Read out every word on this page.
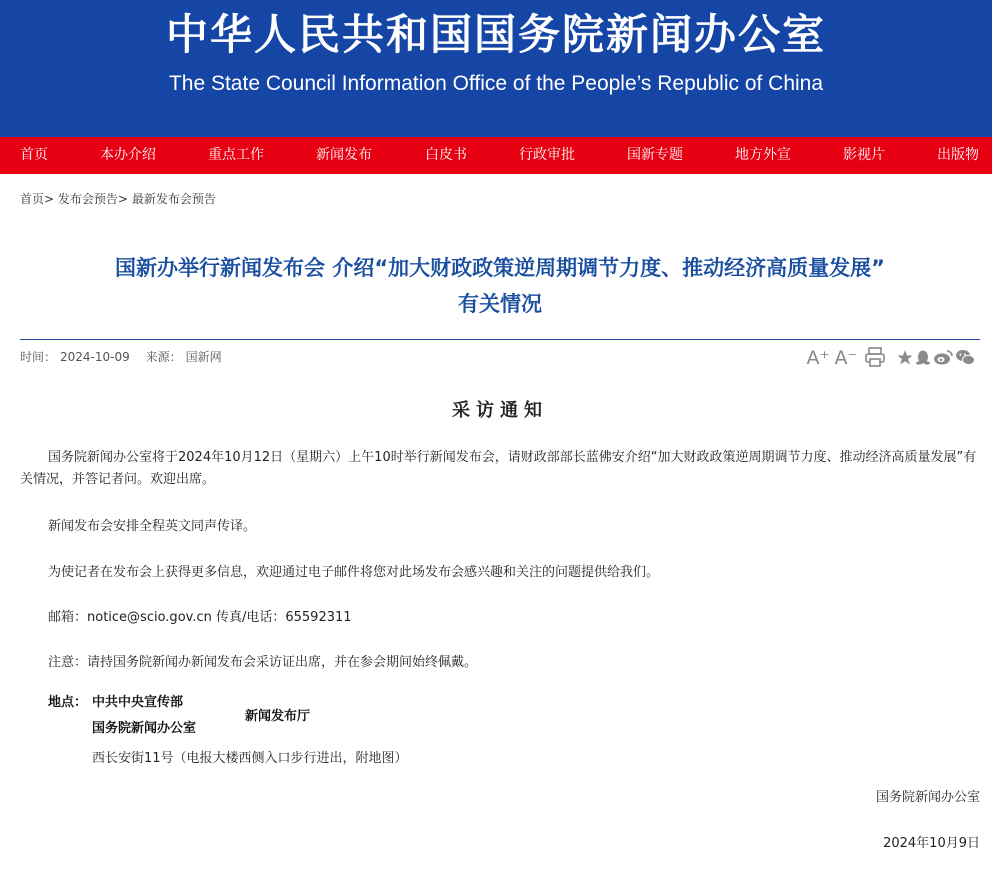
中华人民共和国国务院新闻办公室
The State Council Information Office of the People’s Republic of China
首页	本办介绍	重点工作	新闻发布	白皮书	行政审批	国新专题	地方外宣	影视片	出版物
首页> 发布会预告> 最新发布会预告
国新办举行新闻发布会 介绍“加大财政政策逆周期调节力度、推动经济高质量发展”
有关情况
时间： 2024-10-09 来源： 国新网	A⁺ A⁻
采访通知
国务院新闻办公室将于2024年10月12日（星期六）上午10时举行新闻发布会，请财政部部长蓝佛安介绍“加大财政政策逆周期调节力度、推动经济高质量发展”有关情况，并答记者问。欢迎出席。
新闻发布会安排全程英文同声传译。
为使记者在发布会上获得更多信息，欢迎通过电子邮件将您对此场发布会感兴趣和关注的问题提供给我们。
邮箱：notice@scio.gov.cn 传真/电话：65592311
注意：请持国务院新闻办新闻发布会采访证出席，并在参会期间始终佩戴。
地点： 中共中央宣传部
国务院新闻办公室
新闻发布厅
西长安街11号（电报大楼西侧入口步行进出，附地图）
国务院新闻办公室
2024年10月9日
